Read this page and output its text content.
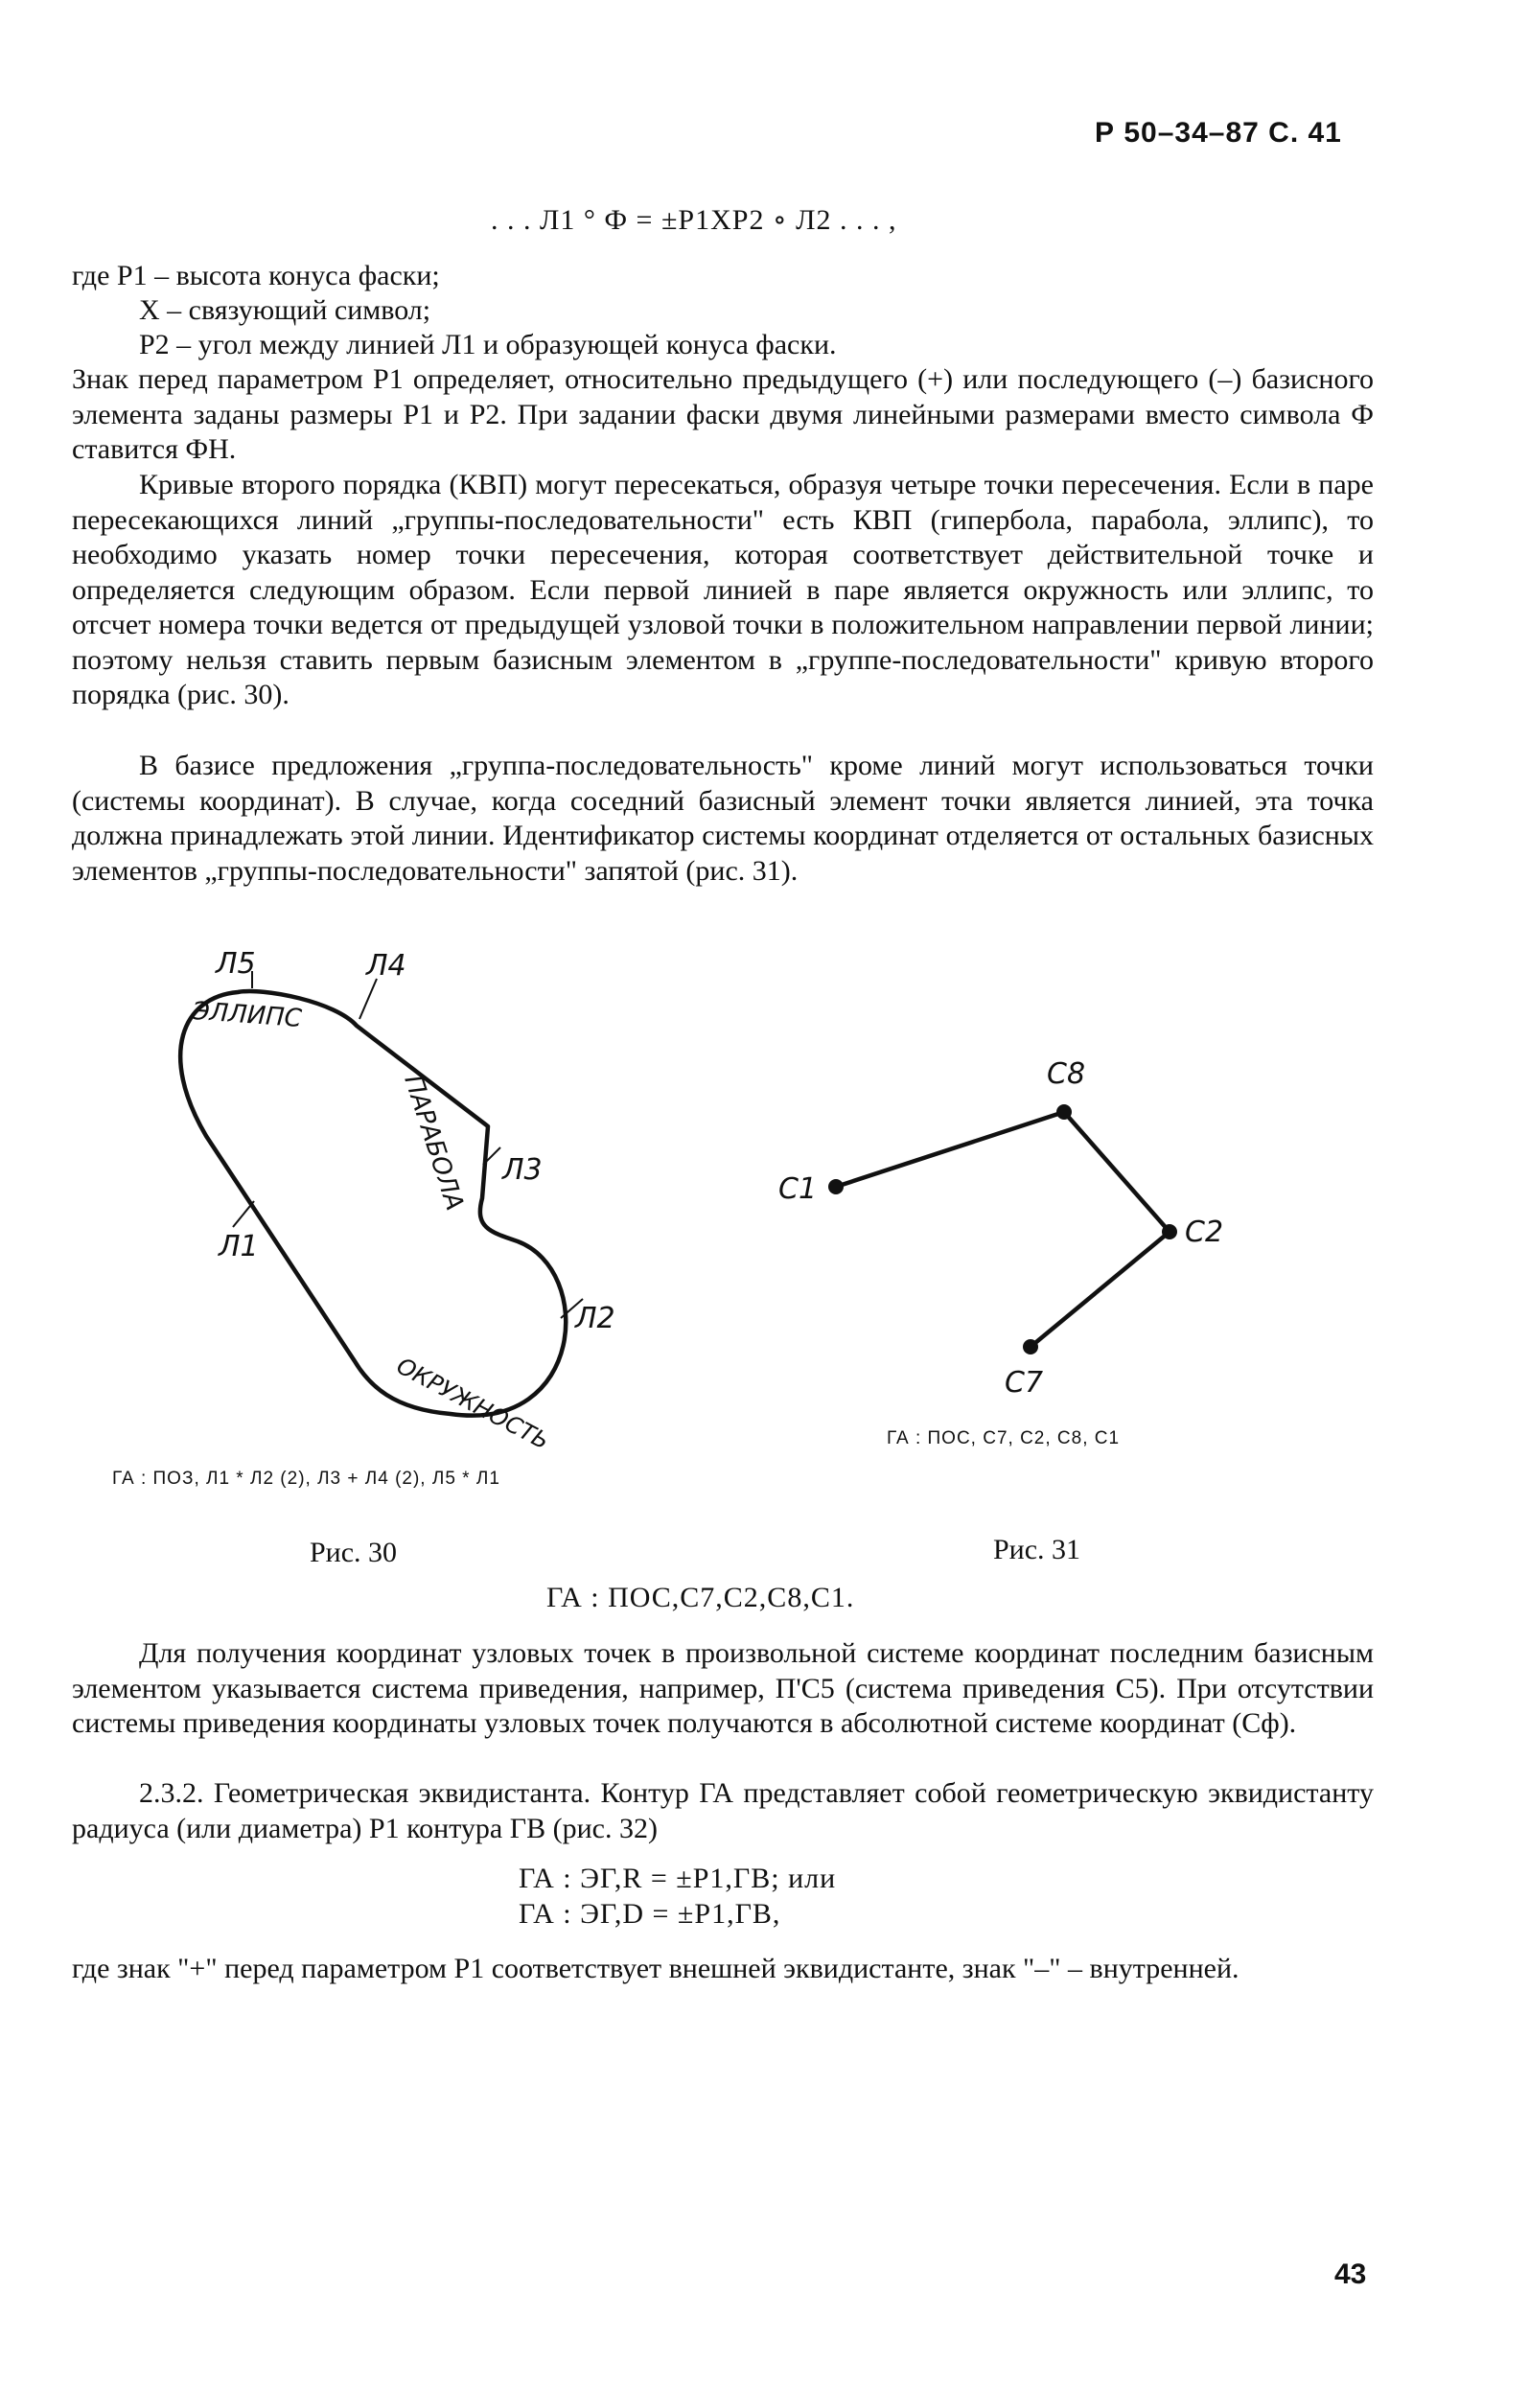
Р 50–34–87 С. 41
. . . Л1 ° Ф = ±Р1ХР2 ∘ Л2 . . . ,
где Р1 – высота конуса фаски;
Х – связующий символ;
Р2 – угол между линией Л1 и образующей конуса фаски.
Знак перед параметром Р1 определяет, относительно предыдущего (+) или последующего (–) базисного элемента заданы размеры Р1 и Р2. При задании фаски двумя линейными размерами вместо символа Ф ставится ФН.
Кривые второго порядка (КВП) могут пересекаться, образуя четыре точки пересечения. Если в паре пересекающихся линий „группы-последовательности" есть КВП (гипербола, парабола, эллипс), то необходимо указать номер точки пересечения, которая соответствует действительной точке и определяется следующим образом. Если первой линией в паре является окружность или эллипс, то отсчет номера точки ведется от предыдущей узловой точки в положительном направлении первой линии; поэтому нельзя ставить первым базисным элементом в „группе-последовательности" кривую второго порядка (рис. 30).
В базисе предложения „группа-последовательность" кроме линий могут использоваться точки (системы координат). В случае, когда соседний базисный элемент точки является линией, эта точка должна принадлежать этой линии. Идентификатор системы координат отделяется от остальных базисных элементов „группы-последовательности" запятой (рис. 31).
Л5	Л4
Л3
Л2
Л1
ЭЛЛИПС
ПАРАБОЛА
ОКРУЖНОСТЬ
ГА : ПОЗ, Л1 * Л2 (2), Л3 + Л4 (2), Л5 * Л1
Рис. 30
С8
С1
С2
С7
ГА : ПОС, С7, С2, С8, С1
Рис. 31
ГА : ПОС,С7,С2,С8,С1.
Для получения координат узловых точек в произвольной системе координат последним базисным элементом указывается система приведения, например, П'С5 (система приведения С5). При отсутствии системы приведения координаты узловых точек получаются в абсолютной системе координат (Сф).
2.3.2. Геометрическая эквидистанта. Контур ГА представляет собой геометрическую эквидистанту радиуса (или диаметра) Р1 контура ГВ (рис. 32)
ГА : ЭГ,R = ±Р1,ГВ; или
ГА : ЭГ,D = ±Р1,ГВ,
где знак "+" перед параметром Р1 соответствует внешней эквидистанте, знак "–" – внутренней.
43
